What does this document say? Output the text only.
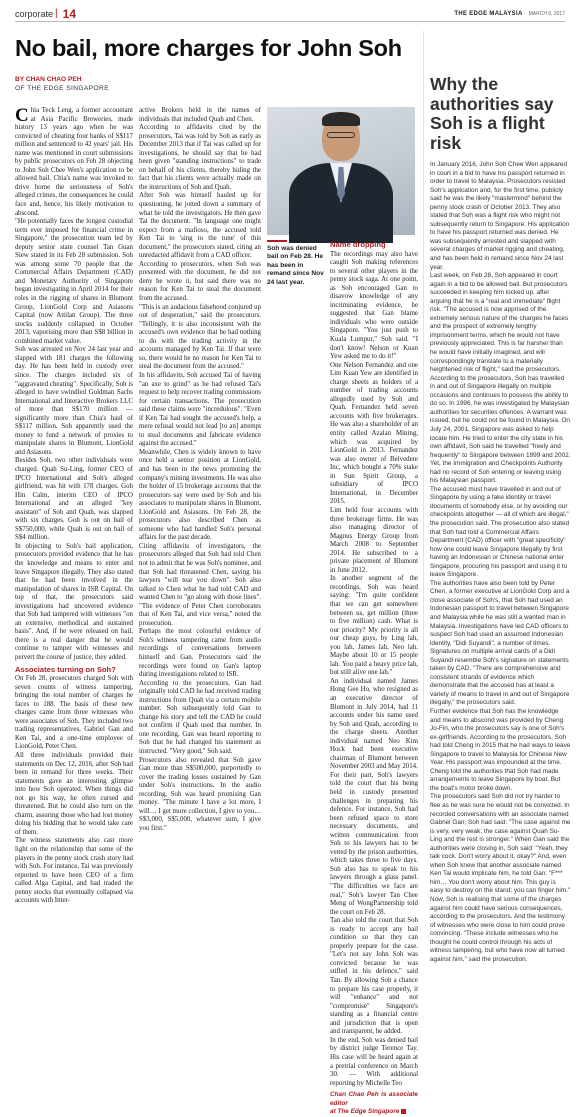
corporate | 14	THE EDGE MALAYSIA MARCH 6, 2017
No bail, more charges for John Soh
BY CHAN CHAO PEH
OF THE EDGE SINGAPORE

Chia Teck Leng, a former accountant at Asia Pacific Breweries, made history 13 years ago when he was convicted of cheating four banks of S$117 million and sentenced to 42 years' jail. His name was mentioned in court submissions by public prosecutors on Feb 28 objecting to John Soh Chee Wen's application to be allowed bail. Chia's name was invoked to drive home the seriousness of Soh's alleged crimes, the consequences he could face and, hence, his likely motivation to abscond.

"He potentially faces the longest custodial term ever imposed for financial crime in Singapore," the prosecution team led by deputy senior state counsel Tan Guan Siew stated in its Feb 28 submission. Soh was among some 70 people that the Commercial Affairs Department (CAD) and Monetary Authority of Singapore began investigating in April 2014 for their roles in the rigging of shares in Blumont Group, LionGold Corp and Asiasons Capital (now Attilan Group). The three stocks suddenly collapsed in October 2013, vaporising more than S$8 billion in combined market value.

Soh was arrested on Nov 24 last year and slapped with 181 charges the following day. He has been held in custody ever since. The charges included six of "aggravated cheating". Specifically, Soh is alleged to have swindled Goldman Sachs International and Interactive Brokers LLC of more than S$170 million — significantly more than Chia's haul of S$117 million. Soh apparently used the money to fund a network of proxies to manipulate shares in Blumont, LionGold and Asiasons.

Besides Soh, two other individuals were charged. Quah Su-Ling, former CEO of IPCO International and Soh's alleged girlfriend, was hit with 178 charges. Goh Hin Calm, interim CEO of IPCO International and an alleged "key assistant" of Soh and Quah, was slapped with six charges. Goh is out on bail of S$750,000, while Quah is out on bail of S$4 million.

In objecting to Soh's bail application, prosecutors provided evidence that he has the knowledge and means to enter and leave Singapore illegally. They also stated that he had been involved in the manipulation of shares in ISR Capital. On top of that, the prosecutors said investigations had uncovered evidence that Soh had tampered with witnesses "on an extensive, methodical and sustained basis". And, if he were released on bail, there is a real danger that he would continue to tamper with witnesses and pervert the course of justice, they added.

Associates turning on Soh?

On Feb 28, prosecutors charged Soh with seven counts of witness tampering, bringing the total number of charges he faces to 188. The basis of these new charges came from three witnesses who were associates of Soh. They included two trading representatives, Gabriel Gan and Ken Tai, and a one-time employee of LionGold, Peter Chen.

All three individuals provided their statements on Dec 12, 2016, after Soh had been in remand for three weeks. Their statements gave an interesting glimpse into how Soh operated. When things did not go his way, he often cursed and threatened. But he could also turn on the charm, assuring those who had lost money doing his bidding that he would take care of them.

The witness statements also cast more light on the relationship that some of the players in the penny stock crash story had with Soh. For instance, Tai was previously reported to have been CEO of a firm called Alga Capital, and had traded the penny stocks that eventually collapsed via accounts with Inter-

active Brokers held in the names of individuals that included Quah and Chen.

According to affidavits cited by the prosecutors, Tai was told by Soh as early as December 2013 that if Tai was called up for investigations, he should say that he had been given "standing instructions" to trade on behalf of his clients, thereby hiding the fact that his clients were actually made on the instructions of Soh and Quah.

After Soh was himself hauled up for questioning, he jotted down a summary of what he told the investigators. He then gave Tai the document. "In language one might expect from a mafioso, the accused told Ken Tai to 'sing to the tune' of this document," the prosecutors stated, citing an unredacted affidavit from a CAD officer.

According to prosecutors, when Soh was presented with the document, he did not deny he wrote it, but said there was no reason for Ken Tai to steal the document from the accused.

"This is an audacious falsehood conjured up out of desperation," said the prosecutors. "Tellingly, it is also inconsistent with the accused's own evidence that he had nothing to do with the trading activity in the accounts managed by Ken Tai. If that were so, there would be no reason for Ken Tai to steal the document from the accused."

In his affidavits, Soh accused Tai of having "an axe to grind" as he had refused Tai's request to help recover trading commissions for certain transactions. The prosecution said these claims were "incredulous". "Even if Ken Tai had sought the accused's help, a mere refusal would not lead [to an] attempt to steal documents and fabricate evidence against the accused."

Meanwhile, Chen is widely known to have once held a senior position at LionGold, and has been in the news promoting the company's mining investments. He was also the holder of 15 brokerage accounts that the prosecutors say were used by Soh and his associates to manipulate shares in Blumont, LionGold and Asiasons. On Feb 28, the prosecutors also described Chen as someone who had handled Soh's personal affairs for the past decade.

Citing affidavits of investigators, the prosecutors alleged that Soh had told Chen not to admit that he was Soh's nominee, and that Soh had threatened Chen, saying his lawyers "will tear you down". Soh also talked to Chen what he had told CAD and wanted Chen to "go along with those lines". "The evidence of Peter Chen corroborates that of Ken Tai, and vice versa," noted the prosecution.

Perhaps the most colourful evidence of Soh's witness tampering came from audio recordings of conversations between himself and Gan. Prosecutors said the recordings were found on Gan's laptop during investigations related to ISR.

According to the prosecutors, Gan had originally told CAD he had received trading instructions from Quah via a certain mobile number. Soh subsequently told Gan to change his story and tell the CAD he could not confirm if Quah used that number. In one recording, Gan was heard reporting to Soh that he had changed his statement as instructed. "Very good," Soh said.

Prosecutors also revealed that Soh gave Gan more than S$500,000, purportedly to cover the trading losses sustained by Gan under Soh's instructions. In the audio recording, Soh was heard promising Gan money. "The minute I have a lot more, I will… I get more collection, I give to you… S$3,000, S$5,000, whatever sum, I give you first."

Soh was denied bail on Feb 28. He has been in remand since Nov 24 last year.
Name dropping

The recordings may also have caught Soh making references to several other players in the penny stock saga. At one point, as Soh encouraged Gan to disavow knowledge of any incriminating evidence, he suggested that Gan blame individuals who were outside Singapore. "You just push to Kuala Lumpur," Soh said. "I don't know! Nelson or Kuan Yew asked me to do it!"

One Nelson Fernandez and one Lim Kuan Yew are identified in charge sheets as holders of a number of trading accounts allegedly used by Soh and Quah. Fernandez held seven accounts with five brokerages. He was also a shareholder of an entity called Azalan Mining, which was acquired by LionGold in 2013. Fernandez was also owner of Belvedere Inc, which bought a 70% stake in Sun Spirit Group, a subsidiary of IPCO International, in December 2015.

Lim held four accounts with three brokerage firms. He was also managing director of Magnus Energy Group from March 2008 to September 2014. He subscribed to a private placement of Blumont in June 2012.

In another segment of the recordings, Soh was heard saying: "I'm quite confident that we can get somewhere between us, get million (three to five million) cash. What is our priority? My priority is all our cheap guys, by Ling lah, you lah, James lah, Neo lah. Maybe about 10 or 15 people lah. You paid a heavy price lah, but still alive one lah."

An individual named James Hong Gee Ho, who resigned as an executive director of Blumont in July 2014, had 11 accounts under his name used by Soh and Quah, according to the charge sheets. Another individual named Neo Kim Hock had been executive chairman of Blumont between November 2003 and May 2014.

For their part, Soh's lawyers told the court that his being held in custody presented challenges in preparing his defence. For instance, Soh had been refused space to store necessary documents, and written communication from Soh to his lawyers has to be vetted by the prison authorities, which takes three to five days. Soh also has to speak to his lawyers through a glass panel. "The difficulties we face are real," Soh's lawyer Tan Chee Meng of WongPartnership told the court on Feb 28.

Tan also told the court that Soh is ready to accept any bail condition so that they can properly prepare for the case. "Let's not say John Soh was convicted because he was stifled in his defence," said Tan. By allowing Soh a chance to prepare his case properly, it will "enhance" and not "compromise" Singapore's standing as a financial centre and jurisdiction that is open and transparent, he added.

In the end, Soh was denied bail by district judge Terence Tay. His case will be heard again at a pretrial conference on March 30. — With additional reporting by Michelle Teo

Chan Chao Peh is associate editor
at The Edge Singapore
Why the authorities say Soh is a flight risk

In January 2016, John Soh Chee Wen appeared in court in a bid to have his passport returned in order to travel to Malaysia. Prosecutors resisted Soh's application and, for the first time, publicly said he was the likely "mastermind" behind the penny stock crash of October 2013. They also stated that Soh was a flight risk who might not subsequently return to Singapore. His application to have his passport returned was denied. He was subsequently arrested and slapped with several charges of market rigging and cheating, and has been held in remand since Nov 24 last year.

Last week, on Feb 28, Soh appeared in court again in a bid to be allowed bail. But prosecutors succeeded in keeping him locked up, after arguing that he is a "real and immediate" flight risk. "The accused is now apprised of the extremely serious nature of the charges he faces and the prospect of extremely lengthy imprisonment terms, which he would not have previously appreciated. This is far harsher than he would have initially imagined, and will correspondingly translate to a materially heightened risk of flight," said the prosecutors.

According to the prosecutors, Soh has travelled in and out of Singapore illegally on multiple occasions and continues to possess the ability to do so. In 1996, he was investigated by Malaysian authorities for securities offences. A warrant was issued, but he could not be found in Malaysia. On July 24, 2001, Singapore was asked to help locate him. He tried to enter the city state in his own affidavit, Soh said he travelled "freely and frequently" to Singapore between 1999 and 2002. Yet, the Immigration and Checkpoints Authority had no record of Soh entering or leaving using his Malaysian passport.

The accused must have travelled in and out of Singapore by using a fake identity or travel documents of somebody else, or by avoiding our checkpoints altogether — all of which are illegal," the prosecution said. The prosecution also stated that Soh had told a Commercial Affairs Department (CAD) officer with "great specificity" how one could leave Singapore illegally by first having an Indonesian or Chinese national enter Singapore, procuring his passport and using it to leave Singapore.

The authorities have also been told by Peter Chen, a former executive at LionGold Corp and a close associate of Soh's, that Soh had used an Indonesian passport to travel between Singapore and Malaysia while he was still a wanted man in Malaysia. Investigations have led CAD officers to suspect Soh had used an assumed Indonesian identity, "Didi Suyandi", a number of times. Signatures on multiple arrival cards of a Didi Suyandi resemble Soh's signature on statements taken by CAD. "There are comprehensive and consistent strands of evidence which demonstrate that the accused has at least a variety of means to travel in and out of Singapore illegally," the prosecutors said.

Further evidence that Soh has the knowledge and means to abscond was provided by Cheng Jo-Fin, who the prosecutors say is one of Soh's ex-girlfriends. According to the prosecutors, Soh had told Cheng in 2015 that he had ways to leave Singapore to travel to Malaysia for Chinese New Year. His passport was impounded at the time. Cheng told the authorities that Soh had made arrangements to leave Singapore by boat. But the boat's motor broke down.

The prosecutors said Soh did not try harder to flee as he was sure he would not be convicted. In recorded conversations with an associate named Gabriel Gan, Soh had said: "The case against me is very, very weak; the case against Quah Su-Ling and the rest is stronger." When Gan said the authorities were closing in, Soh said: "Yeah, they talk cock. Don't worry about it, okay?" And, even when Soh knew that another associate named Ken Tai would implicate him, he told Gan: "F*** him… You don't worry about him. This guy is easy to destroy on the stand; you can finger him."

Now, Soh is realising that some of the charges against him could have serious consequences, according to the prosecutors. And the testimony of witnesses who were close to him could prove convincing. "These include witnesses who he thought he could control through his acts of witness tampering, but who have now all turned against him," said the prosecution.
